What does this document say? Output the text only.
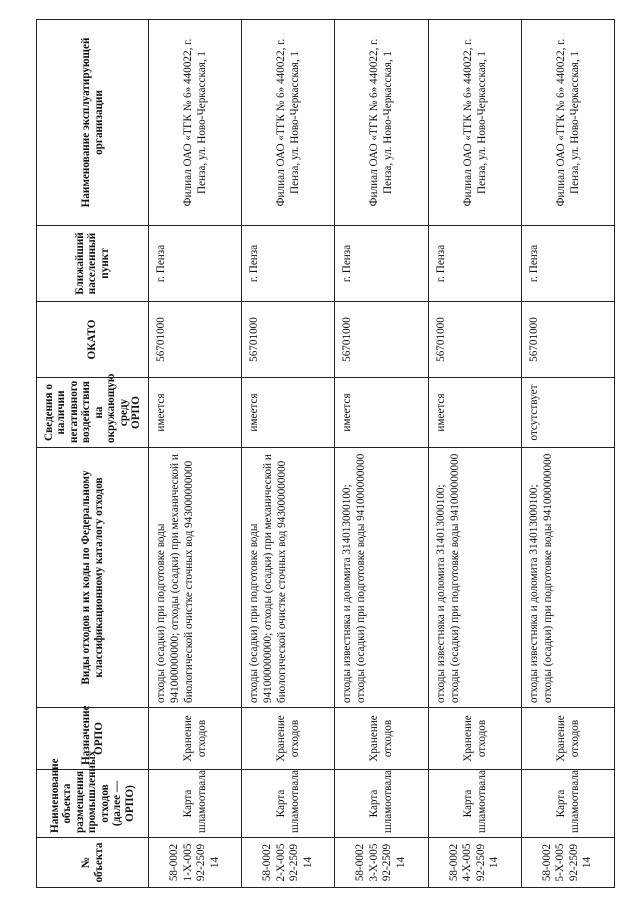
№ объекта	Наименование объекта размещения промышленных отходов (далее — ОРПО)	Назначение ОРПО	Виды отходов и их коды по Федеральному классификационному каталогу отходов	Сведения о наличии негативного воздействия на окружающую среду ОРПО	ОКАТО	Ближайший населенный пункт	Наименование эксплуатирующей организации
58-00021-Х-00592-250914	Карта шламоотвала	Хранение отходов	отходы (осадки) при подготовке воды 941000000000; отходы (осадки) при механической и биологической очистке сточных вод 943000000000	имеется	56701000	г. Пенза	Филиал ОАО «ТГК № 6» 440022, г. Пенза, ул. Ново-Черкасская, 1
58-00022-Х-00592-250914	Карта шламоотвала	Хранение отходов	отходы (осадки) при подготовке воды 941000000000; отходы (осадки) при механической и биологической очистке сточных вод 943000000000	имеется	56701000	г. Пенза	Филиал ОАО «ТГК № 6» 440022, г. Пенза, ул. Ново-Черкасская, 1
58-00023-Х-00592-250914	Карта шламоотвала	Хранение отходов	отходы известняка и доломита 314013000100; отходы (осадки) при подготовке воды 941000000000	имеется	56701000	г. Пенза	Филиал ОАО «ТГК № 6» 440022, г. Пенза, ул. Ново-Черкасская, 1
58-00024-Х-00592-250914	Карта шламоотвала	Хранение отходов	отходы известняка и доломита 314013000100; отходы (осадки) при подготовке воды 941000000000	имеется	56701000	г. Пенза	Филиал ОАО «ТГК № 6» 440022, г. Пенза, ул. Ново-Черкасская, 1
58-00025-Х-00592-250914	Карта шламоотвала	Хранение отходов	отходы известняка и доломита 314013000100; отходы (осадки) при подготовке воды 941000000000	отсутствует	56701000	г. Пенза	Филиал ОАО «ТГК № 6» 440022, г. Пенза, ул. Ново-Черкасская, 1
